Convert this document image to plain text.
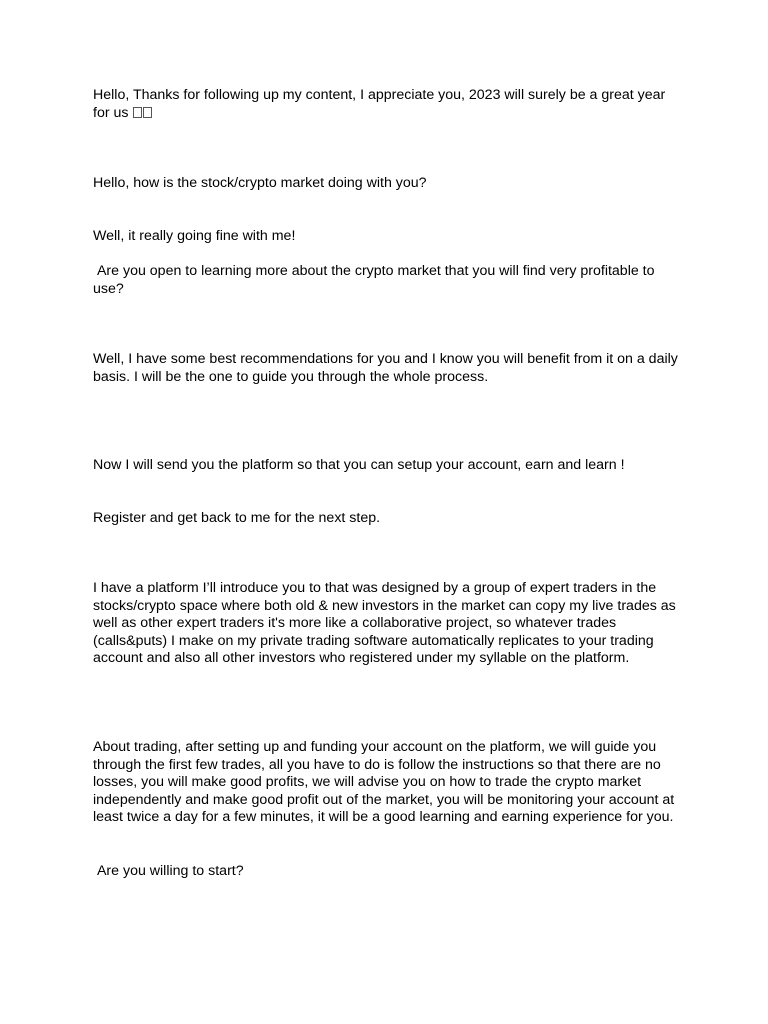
Hello, Thanks for following up my content, I appreciate you, 2023 will surely be a great year for us

Hello, how is the stock/crypto market doing with you?

Well, it really going fine with me!

Are you open to learning more about the crypto market that you will find very profitable to use?

Well, I have some best recommendations for you and I know you will benefit from it on a daily basis. I will be the one to guide you through the whole process.

Now I will send you the platform so that you can setup your account, earn and learn !

Register and get back to me for the next step.

I have a platform I’ll introduce you to that was designed by a group of expert traders in the stocks/crypto space where both old & new investors in the market can copy my live trades as well as other expert traders it's more like a collaborative project, so whatever trades (calls&puts) I make on my private trading software automatically replicates to your trading account and also all other investors who registered under my syllable on the platform.

About trading, after setting up and funding your account on the platform, we will guide you through the first few trades, all you have to do is follow the instructions so that there are no losses, you will make good profits, we will advise you on how to trade the crypto market independently and make good profit out of the market, you will be monitoring your account at least twice a day for a few minutes, it will be a good learning and earning experience for you.

Are you willing to start?
